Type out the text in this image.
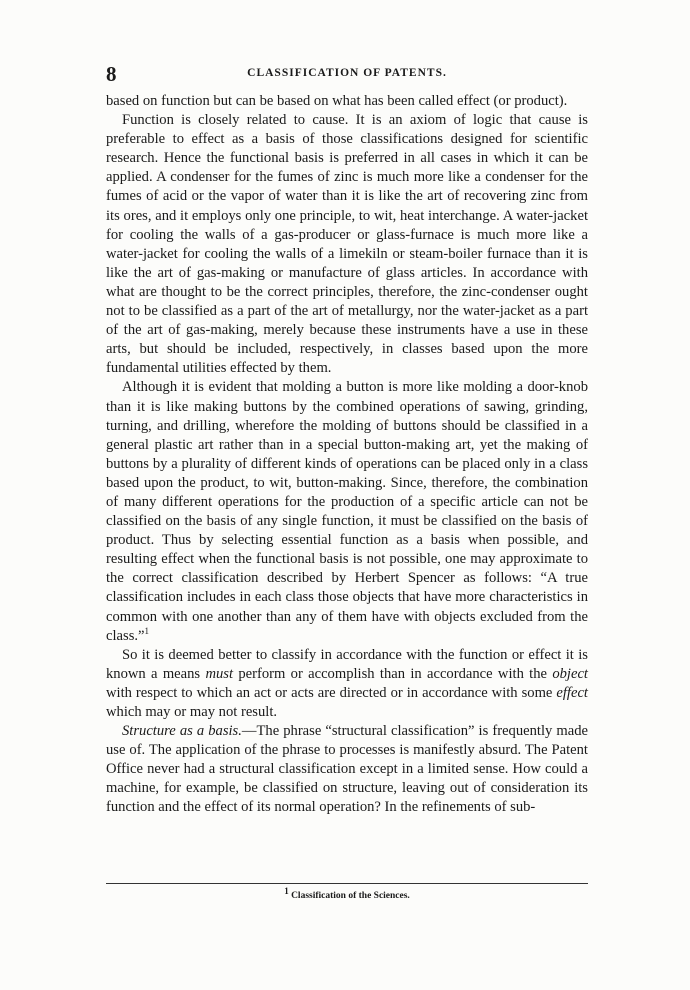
8	CLASSIFICATION OF PATENTS.

based on function but can be based on what has been called effect (or product).

Function is closely related to cause. It is an axiom of logic that cause is preferable to effect as a basis of those classifications designed for scientific research. Hence the functional basis is preferred in all cases in which it can be applied. A condenser for the fumes of zinc is much more like a condenser for the fumes of acid or the vapor of water than it is like the art of recovering zinc from its ores, and it employs only one principle, to wit, heat interchange. A water-jacket for cooling the walls of a gas-producer or glass-furnace is much more like a water-jacket for cooling the walls of a limekiln or steam-boiler furnace than it is like the art of gas-making or manufacture of glass articles. In accordance with what are thought to be the correct principles, therefore, the zinc-condenser ought not to be classified as a part of the art of metallurgy, nor the water-jacket as a part of the art of gas-making, merely because these instruments have a use in these arts, but should be included, respectively, in classes based upon the more fundamental utilities effected by them.

Although it is evident that molding a button is more like molding a door-knob than it is like making buttons by the combined operations of sawing, grinding, turning, and drilling, wherefore the molding of buttons should be classified in a general plastic art rather than in a special button-making art, yet the making of buttons by a plurality of different kinds of operations can be placed only in a class based upon the product, to wit, button-making. Since, therefore, the combination of many different operations for the production of a specific article can not be classified on the basis of any single function, it must be classified on the basis of product. Thus by selecting essential function as a basis when possible, and resulting effect when the functional basis is not possible, one may approximate to the correct classification described by Herbert Spencer as follows: “A true classification includes in each class those objects that have more characteristics in common with one another than any of them have with objects excluded from the class.”$^1$

So it is deemed better to classify in accordance with the function or effect it is known a means must perform or accomplish than in accordance with the object with respect to which an act or acts are directed or in accordance with some effect which may or may not result.

Structure as a basis.—The phrase “structural classification” is frequently made use of. The application of the phrase to processes is manifestly absurd. The Patent Office never had a structural classification except in a limited sense. How could a machine, for example, be classified on structure, leaving out of consideration its function and the effect of its normal operation? In the refinements of sub-

$^1$ Classification of the Sciences.
